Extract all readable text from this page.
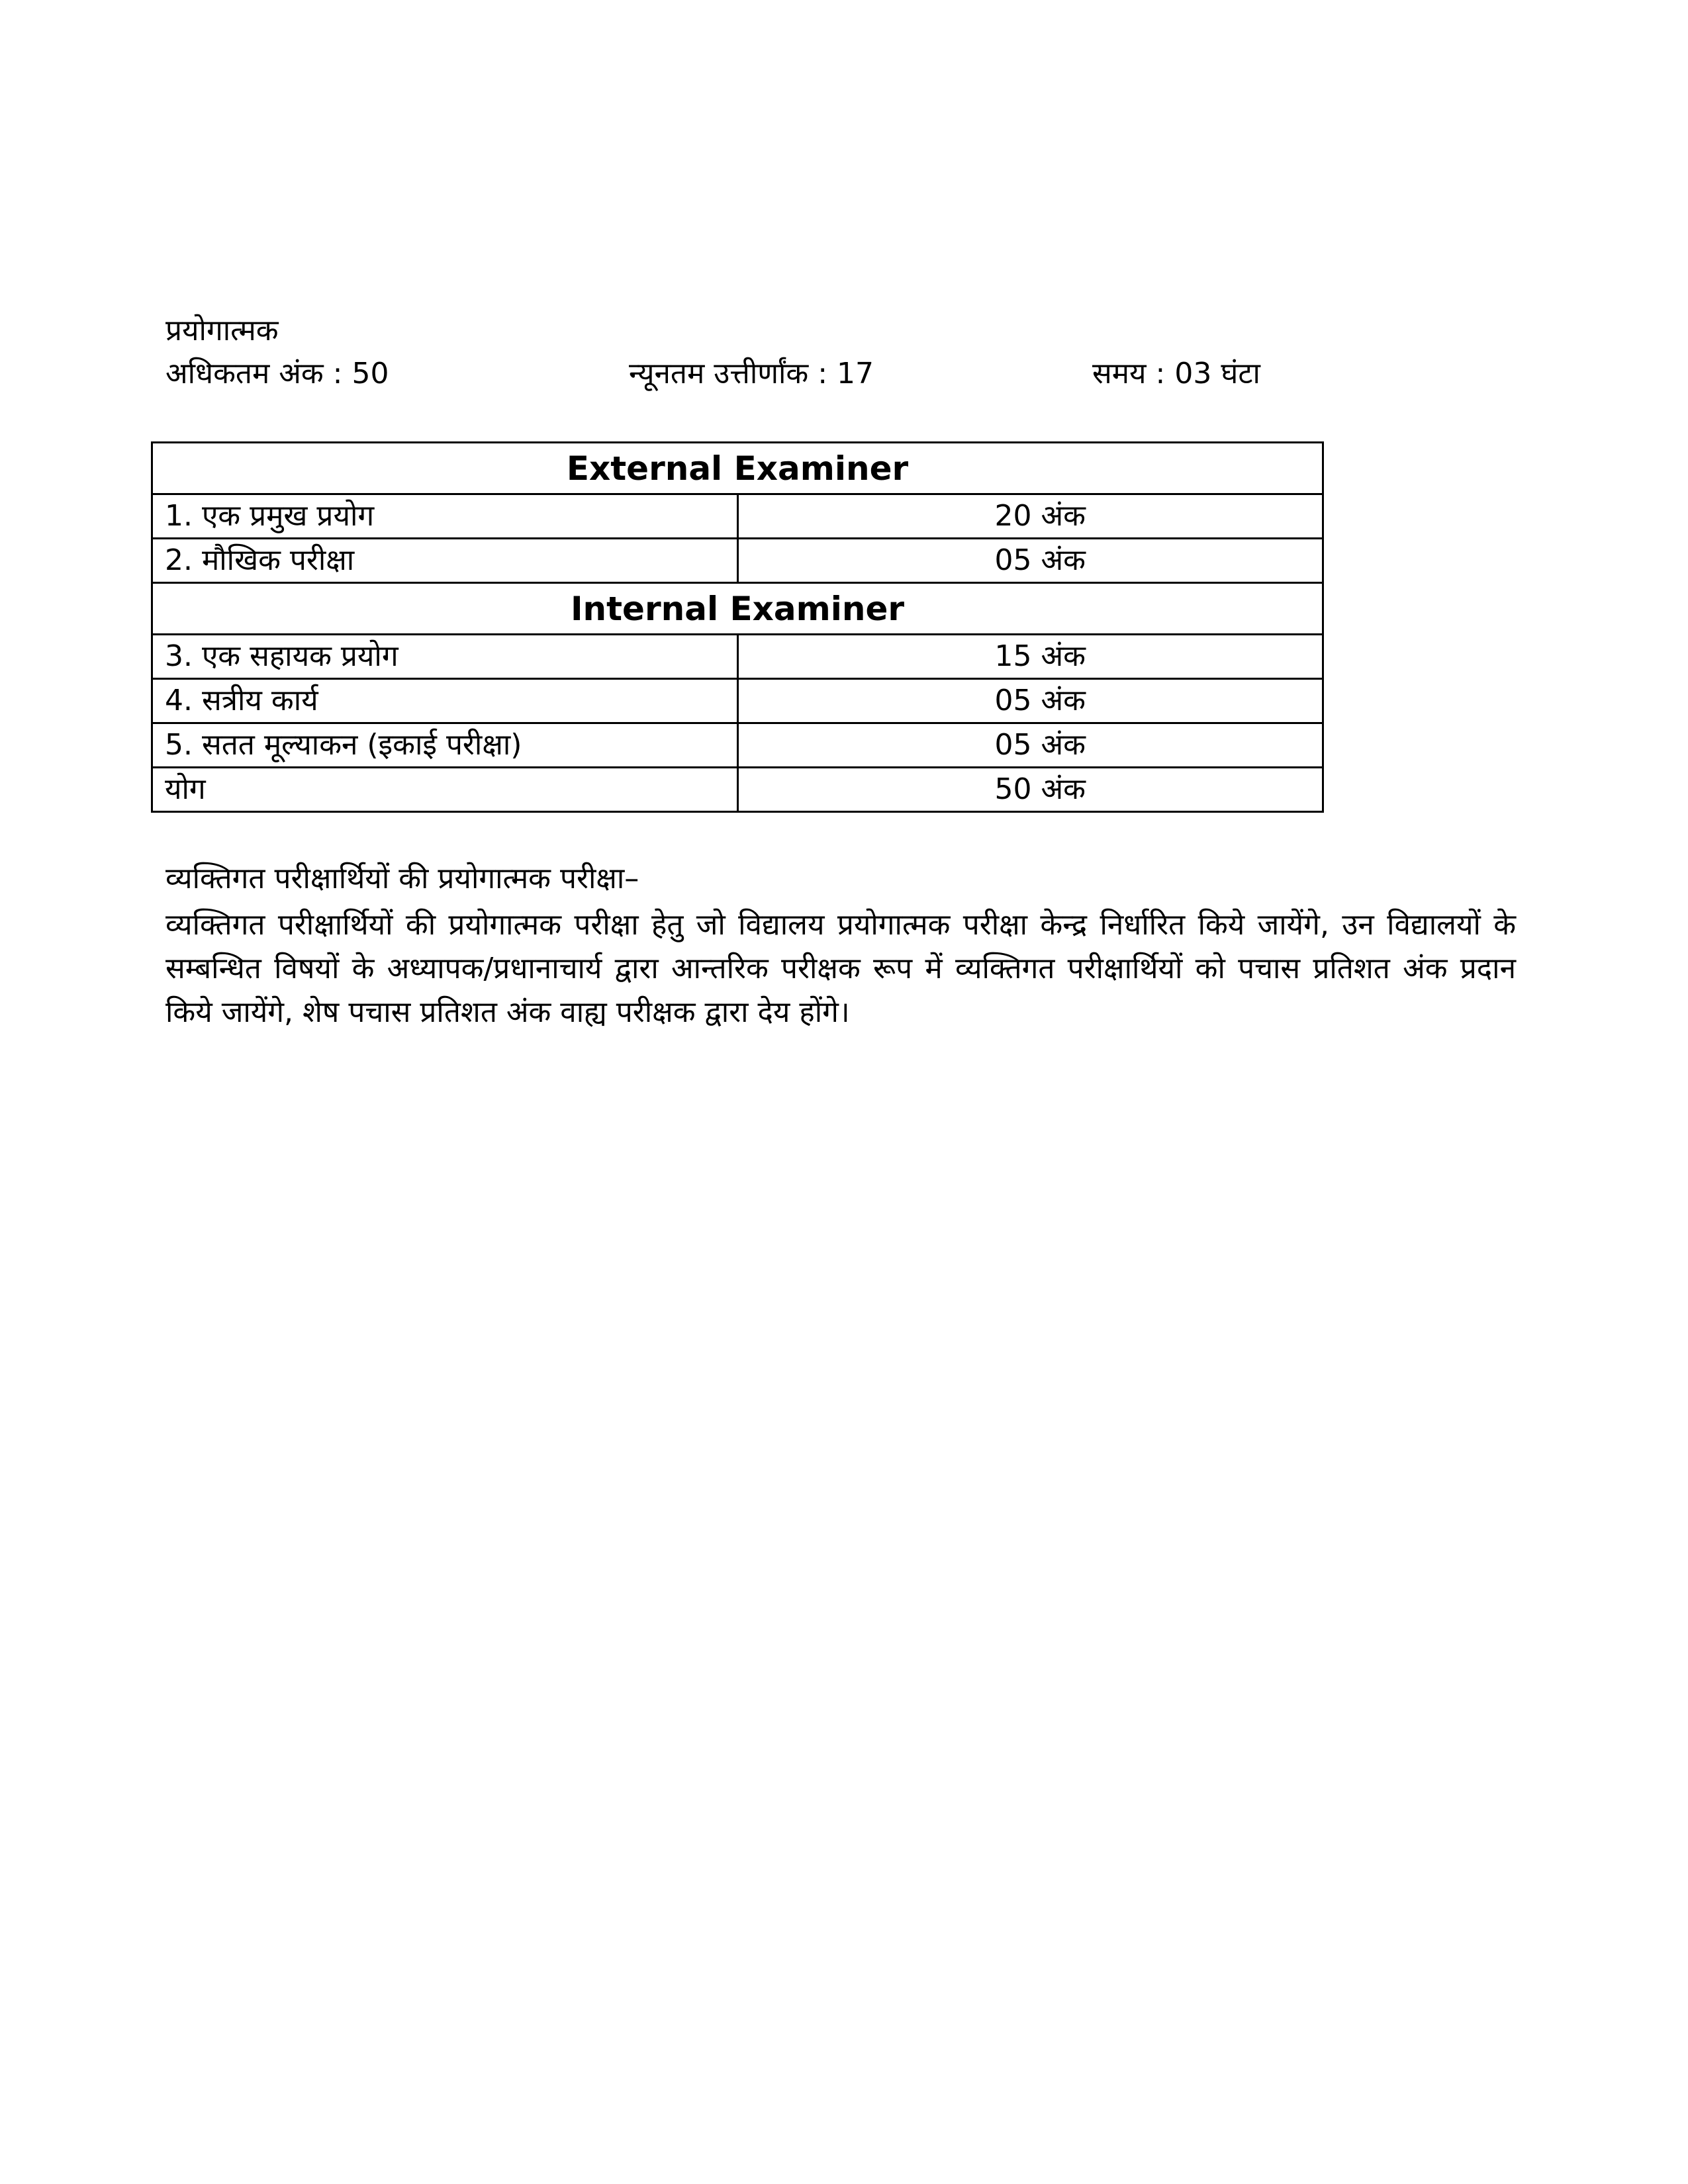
प्रयोगात्मक
अधिकतम अंक : 50	न्यूनतम उत्तीर्णांक : 17	समय : 03 घंटा
External Examiner	
1. एक प्रमुख प्रयोग	20 अंक
2. मौखिक परीक्षा	05 अंक
Internal Examiner	
3. एक सहायक प्रयोग	15 अंक
4. सत्रीय कार्य	05 अंक
5. सतत मूल्याकन (इकाई परीक्षा)	05 अंक
योग	50 अंक
व्यक्तिगत परीक्षार्थियों की प्रयोगात्मक परीक्षा–
व्यक्तिगत परीक्षार्थियों की प्रयोगात्मक परीक्षा हेतु जो विद्यालय प्रयोगात्मक परीक्षा केन्द्र निर्धारित किये जायेंगे, उन विद्यालयों के सम्बन्धित विषयों के अध्यापक/प्रधानाचार्य द्वारा आन्तरिक परीक्षक रूप में व्यक्तिगत परीक्षार्थियों को पचास प्रतिशत अंक प्रदान किये जायेंगे, शेष पचास प्रतिशत अंक वाह्य परीक्षक द्वारा देय होंगे।
